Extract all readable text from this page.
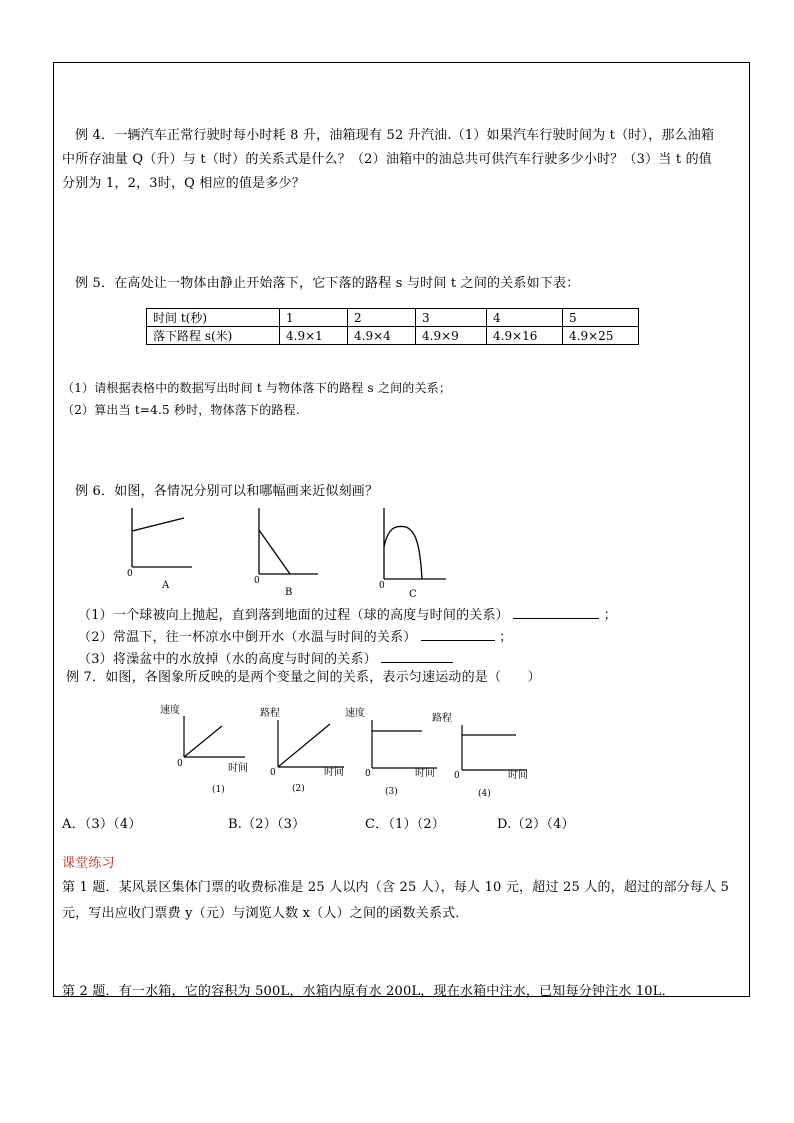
例 4．一辆汽车正常行驶时每小时耗 8 升，油箱现有 52 升汽油.（1）如果汽车行驶时间为 t（时），那么油箱
中所存油量 Q（升）与 t（时）的关系式是什么？（2）油箱中的油总共可供汽车行驶多少小时？（3）当 t 的值
分别为 1，2，3时，Q 相应的值是多少？
例 5．在高处让一物体由静止开始落下，它下落的路程 s 与时间 t 之间的关系如下表：
时间 t(秒)	1	2	3	4	5
落下路程 s(米)	4.9×1	4.9×4	4.9×9	4.9×16	4.9×25
（1）请根据表格中的数据写出时间 t 与物体落下的路程 s 之间的关系；
（2）算出当 t=4.5 秒时，物体落下的路程.
例 6．如图，各情况分别可以和哪幅画来近似刻画？
0
A	0
B
0
C
（1）一个球被向上抛起，直到落到地面的过程（球的高度与时间的关系）	；
（2）常温下，往一杯凉水中倒开水（水温与时间的关系）	；
（3）将澡盆中的水放掉（水的高度与时间的关系）
例 7．如图，各图象所反映的是两个变量之间的关系，表示匀速运动的是（　　）
速度
0	时间
(1)
路程
0	时间
(2)
速度
0	时间
(3)
路程
0	时间
(4)
A．（3）（4）	B.（2）（3）	C．（1）（2）	D.（2）（4）
课堂练习
第 1 题．某风景区集体门票的收费标准是 25 人以内（含 25 人），每人 10 元，超过 25 人的，超过的部分每人 5
元，写出应收门票费 y（元）与浏览人数 x（人）之间的函数关系式．
第 2 题．有一水箱，它的容积为 500L，水箱内原有水 200L，现在水箱中注水，已知每分钟注水 10L．
